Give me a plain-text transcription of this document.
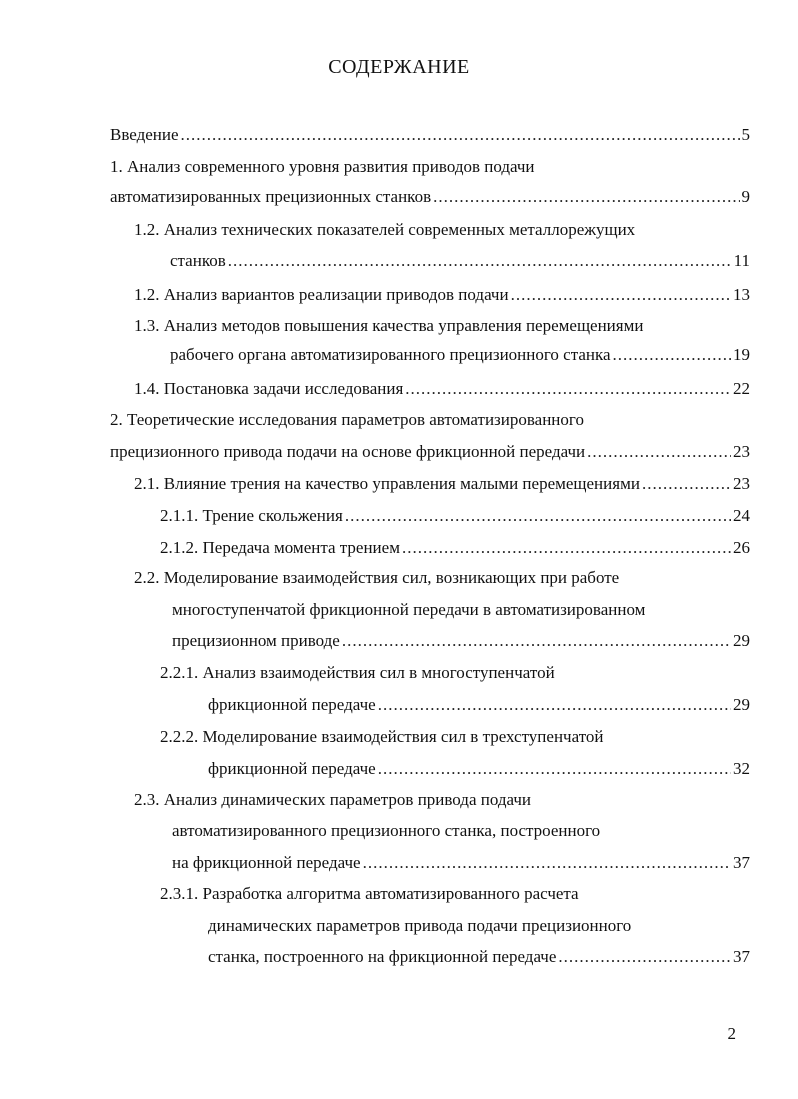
СОДЕРЖАНИЕ
Введение .....	5
1. Анализ современного уровня развития приводов подачи
автоматизированных прецизионных станков .....	9
1.2. Анализ технических показателей современных металлорежущих
станков .....	11
1.2. Анализ вариантов реализации приводов подачи .....	13
1.3. Анализ методов повышения качества управления перемещениями
рабочего органа автоматизированного прецизионного станка .....	19
1.4. Постановка задачи исследования .....	22
2. Теоретические исследования параметров автоматизированного
прецизионного привода подачи на основе фрикционной передачи .....	23
2.1. Влияние трения на качество управления малыми перемещениями .....	23
2.1.1. Трение скольжения .....	24
2.1.2. Передача момента трением .....	26
2.2. Моделирование взаимодействия сил, возникающих при работе
многоступенчатой фрикционной передачи в автоматизированном
прецизионном приводе .....	29
2.2.1. Анализ взаимодействия сил в многоступенчатой
фрикционной передаче .....	29
2.2.2. Моделирование взаимодействия сил в трехступенчатой
фрикционной передаче .....	32
2.3. Анализ динамических параметров привода подачи
автоматизированного прецизионного станка, построенного
на фрикционной передаче .....	37
2.3.1. Разработка алгоритма автоматизированного расчета
динамических параметров привода подачи прецизионного
станка, построенного на фрикционной передаче .....	37
2
